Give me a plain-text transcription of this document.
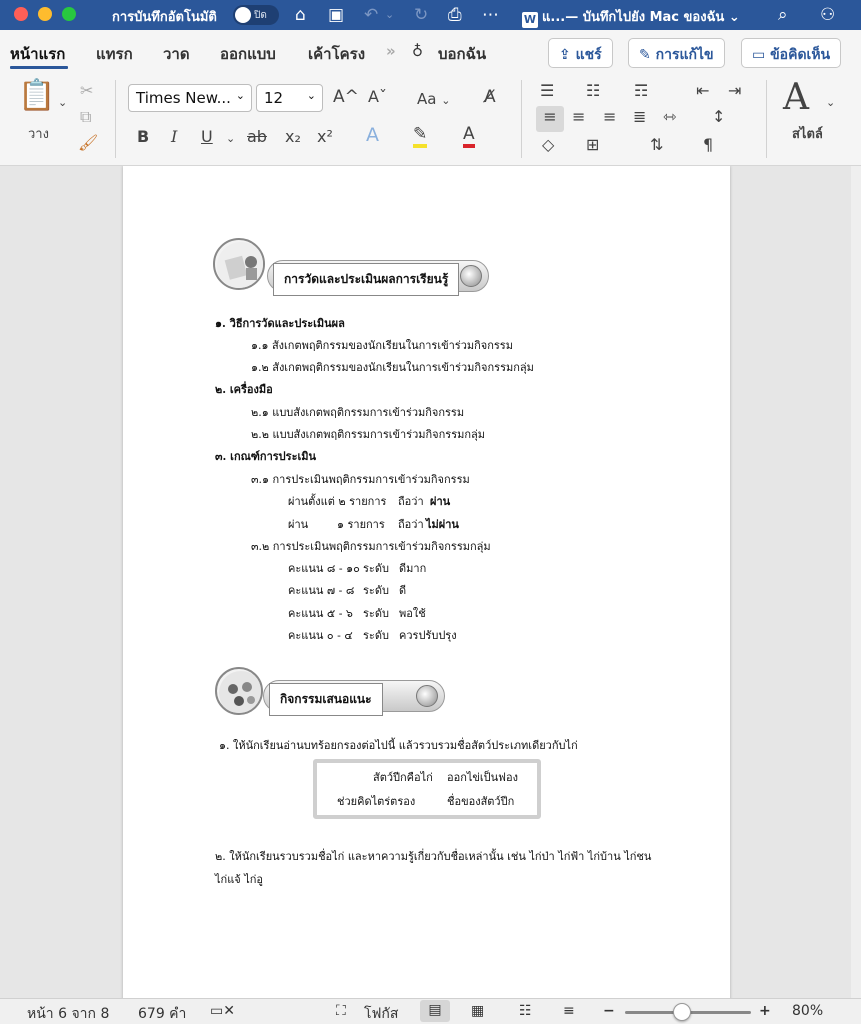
การบันทึกอัตโนมัติ	ปิด ⌂ ▣ ↶ ⌄ ↻ ⎙ ⋯ W แ...— บันทึกไปยัง Mac ของฉัน ⌄ ⌕ ⚇
หน้าแรก แทรก วาด ออกแบบ เค้าโครง » ♁ บอกฉัน	⇪ แชร์	✎ การแก้ไข	▭ ข้อคิดเห็น
📋 ⌄
วาง
✂
⧉
🖌
Times New... ⌄	12 ⌄ A^ Aˇ Aa ⌄ A̸
B I U ⌄ ab x₂ x² A ✎ A
☰ ☷ ☶	⇤ ⇥
≡ ≡ ≡ ≣ ⇿ ↕
◇ ⊞	⇅ ¶
A ⌄
สไตล์
การวัดและประเมินผลการเรียนรู้
๑. วิธีการวัดและประเมินผล
๑.๑ สังเกตพฤติกรรมของนักเรียนในการเข้าร่วมกิจกรรม
๑.๒ สังเกตพฤติกรรมของนักเรียนในการเข้าร่วมกิจกรรมกลุ่ม
๒. เครื่องมือ
๒.๑ แบบสังเกตพฤติกรรมการเข้าร่วมกิจกรรม
๒.๒ แบบสังเกตพฤติกรรมการเข้าร่วมกิจกรรมกลุ่ม
๓. เกณฑ์การประเมิน
๓.๑ การประเมินพฤติกรรมการเข้าร่วมกิจกรรม
ผ่านตั้งแต่ ๒ รายการ ถือว่า ผ่าน
ผ่าน	๑ รายการ ถือว่า ไม่ผ่าน
๓.๒ การประเมินพฤติกรรมการเข้าร่วมกิจกรรมกลุ่ม
คะแนน ๘ - ๑๐ ระดับ ดีมาก
คะแนน ๗ - ๘ ระดับ ดี
คะแนน ๕ - ๖ ระดับ พอใช้
คะแนน ๐ - ๔ ระดับ ควรปรับปรุง
กิจกรรมเสนอแนะ
๑. ให้นักเรียนอ่านบทร้อยกรองต่อไปนี้ แล้วรวบรวมชื่อสัตว์ประเภทเดียวกับไก่
สัตว์ปีกคือไก่ ออกไข่เป็นฟอง
ช่วยคิดไตร่ตรอง	ชื่อของสัตว์ปีก
๒. ให้นักเรียนรวบรวมชื่อไก่ และหาความรู้เกี่ยวกับชื่อเหล่านั้น เช่น ไก่ป่า ไก่ฟ้า ไก่บ้าน ไก่ชน
ไก่แจ้ ไก่อู
หน้า 6 จาก 8 679 คำ ▭✕	⛶ โฟกัส	▤	▦ ☷ ≡ −	+ 80%
